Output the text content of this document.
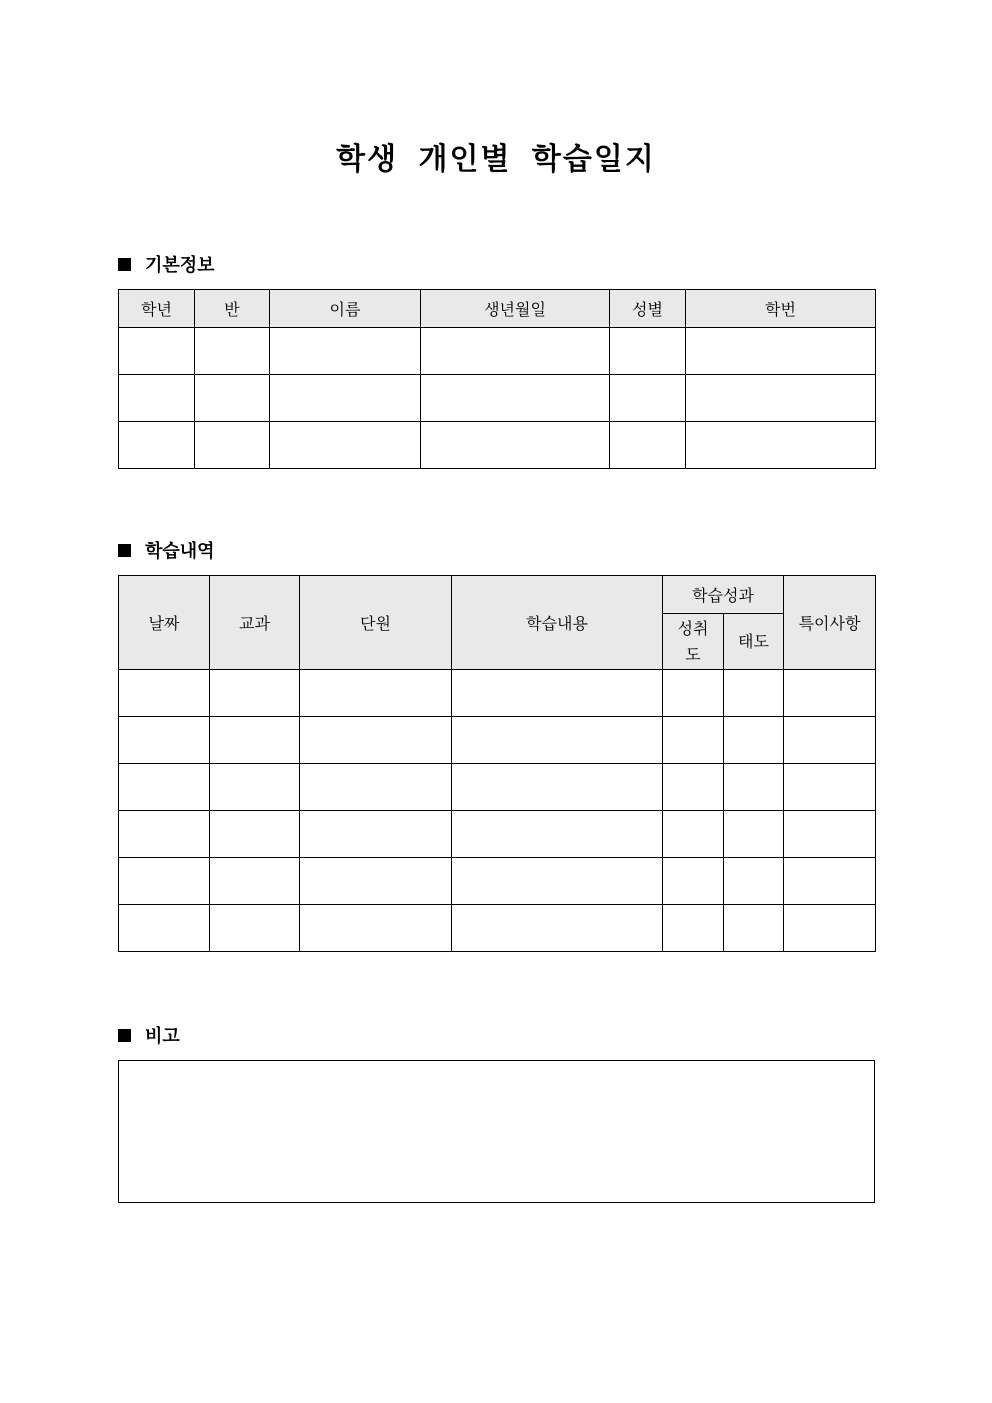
학생 개인별 학습일지
기본정보
학년	반	이름	생년월일	성별	학번

학습내역
날짜	교과	단원	학습내용	학습성과		특이사항
				성취도	태도	

비고
